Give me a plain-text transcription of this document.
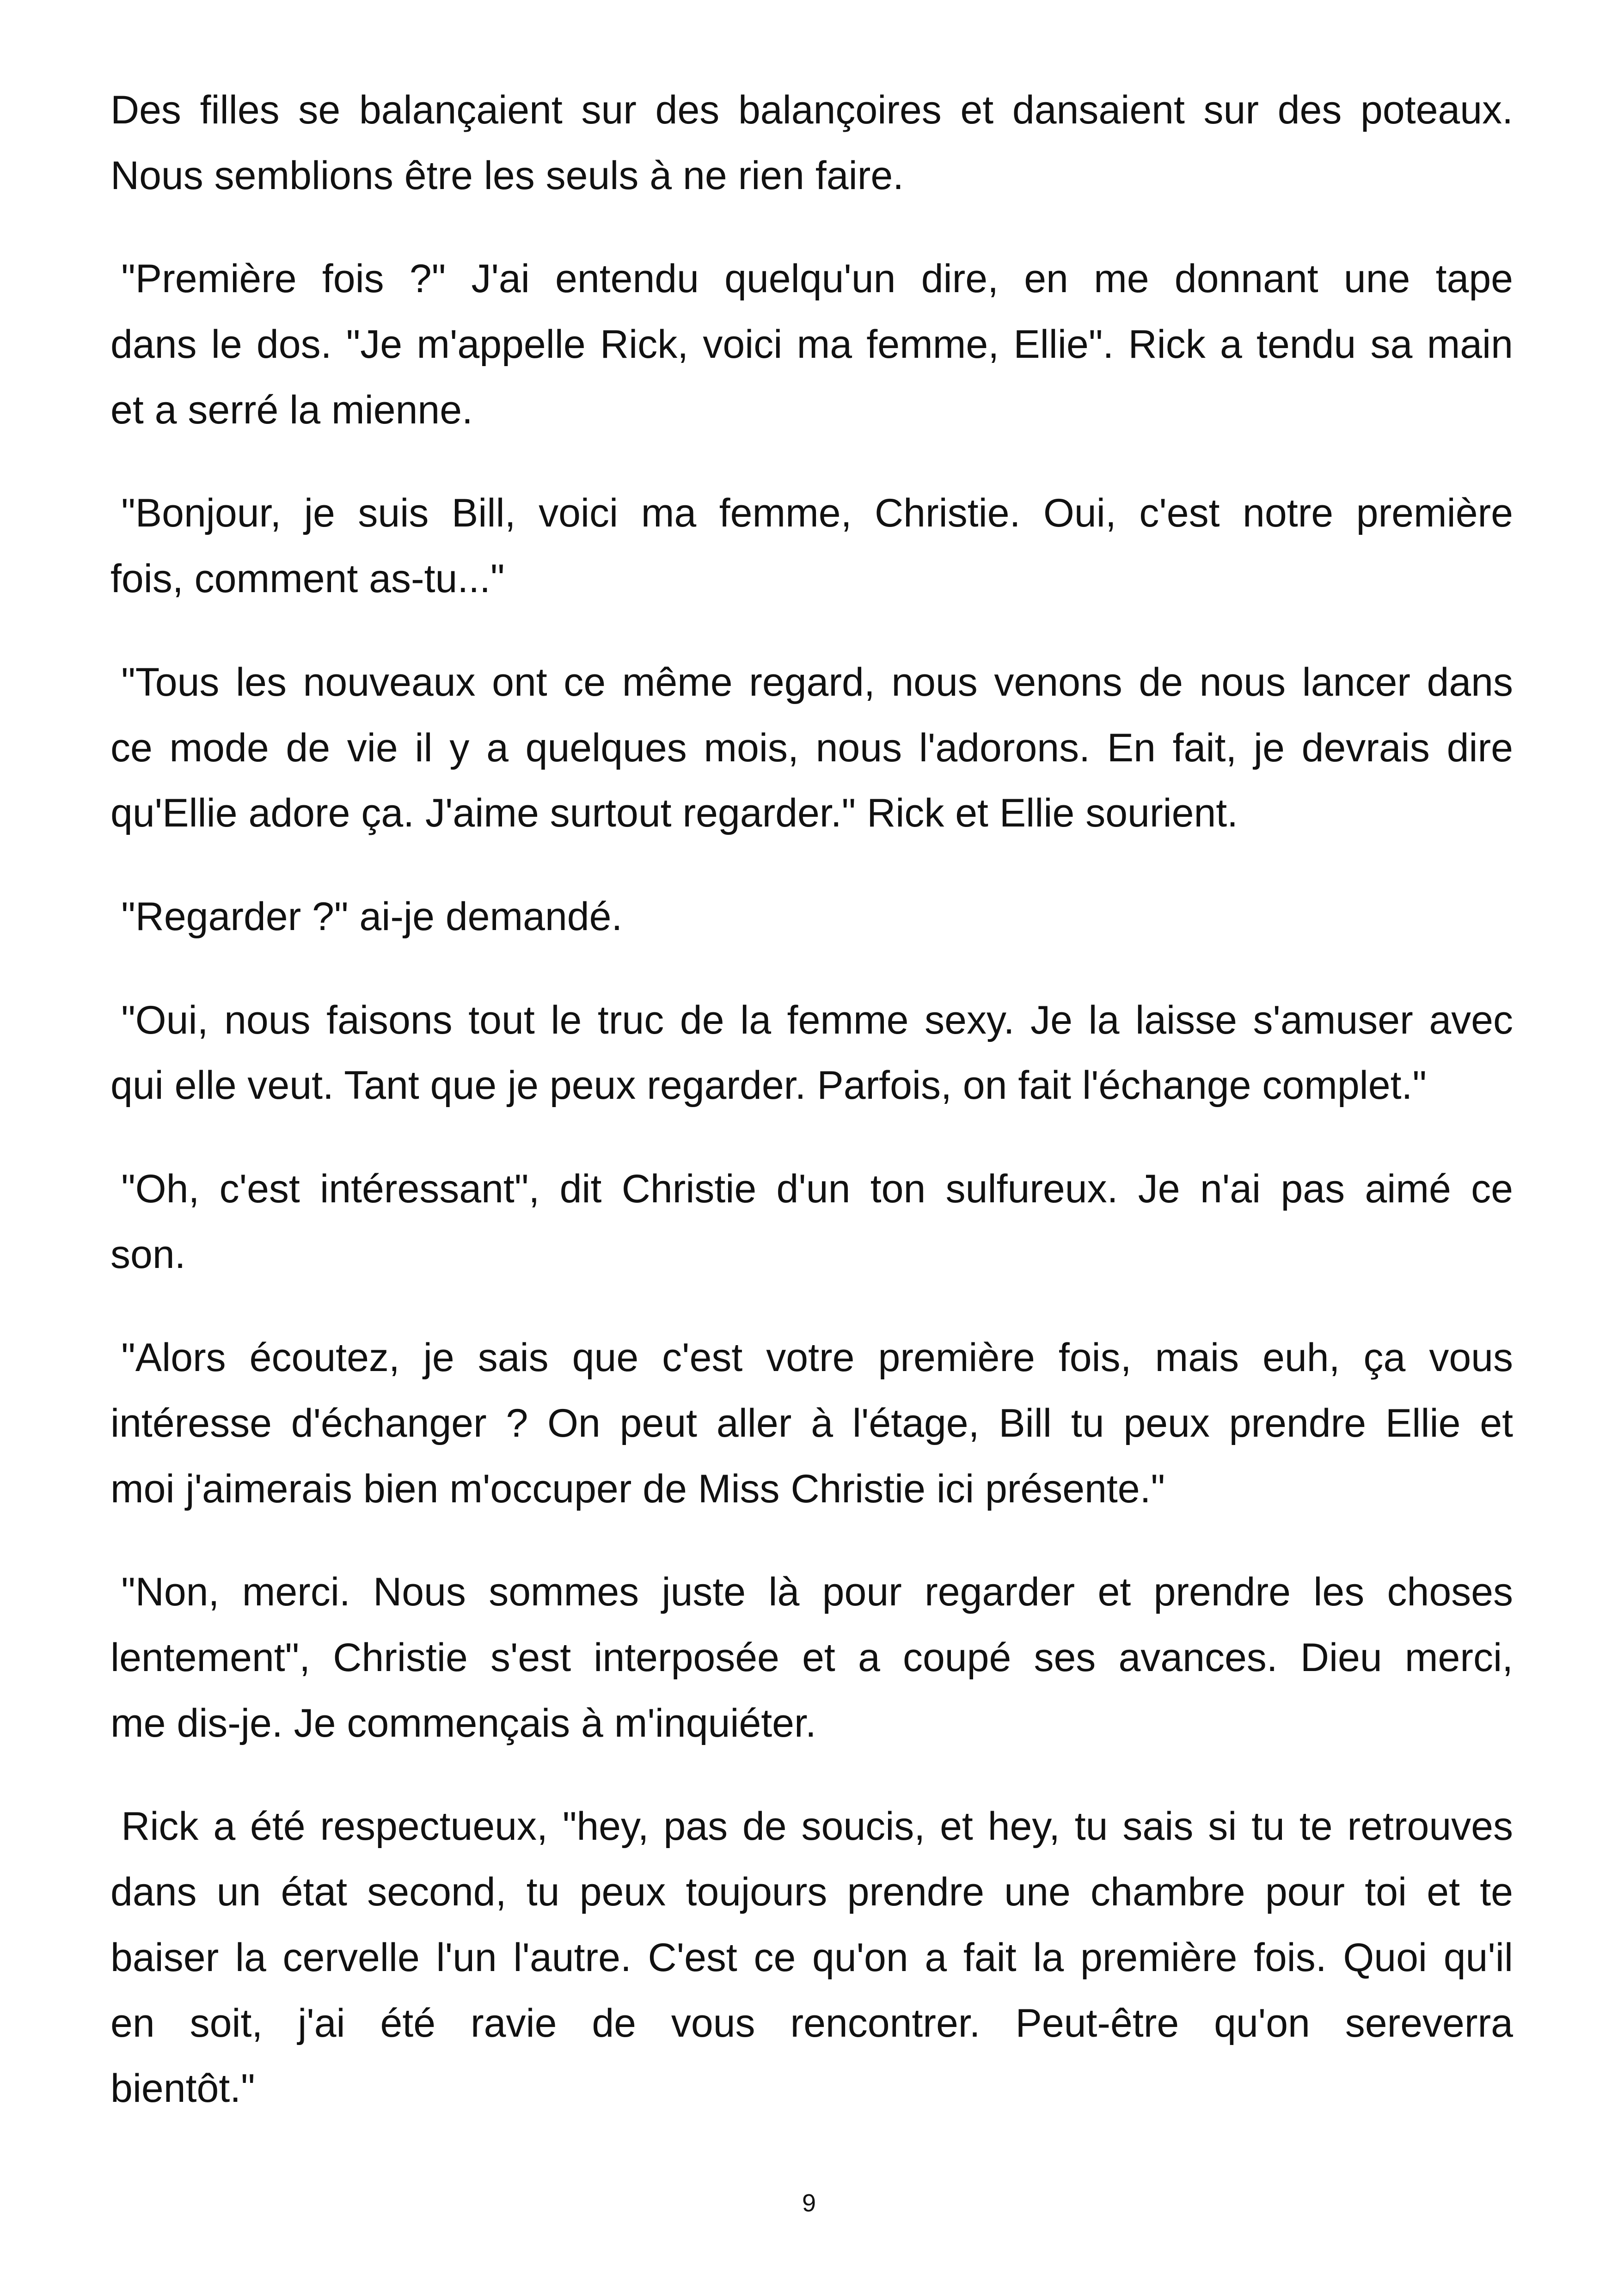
Des filles se balançaient sur des balançoires et dansaient sur des poteaux.
Nous semblions être les seuls à ne rien faire.
"Première fois ?" J'ai entendu quelqu'un dire, en me donnant une tape
dans le dos. "Je m'appelle Rick, voici ma femme, Ellie". Rick a tendu sa main
et a serré la mienne.
"Bonjour, je suis Bill, voici ma femme, Christie. Oui, c'est notre première
fois, comment as-tu..."
"Tous les nouveaux ont ce même regard, nous venons de nous lancer dans
ce mode de vie il y a quelques mois, nous l'adorons. En fait, je devrais dire
qu'Ellie adore ça. J'aime surtout regarder." Rick et Ellie sourient.
"Regarder ?" ai-je demandé.
"Oui, nous faisons tout le truc de la femme sexy. Je la laisse s'amuser avec
qui elle veut. Tant que je peux regarder. Parfois, on fait l'échange complet."
"Oh, c'est intéressant", dit Christie d'un ton sulfureux. Je n'ai pas aimé ce
son.
"Alors écoutez, je sais que c'est votre première fois, mais euh, ça vous
intéresse d'échanger ? On peut aller à l'étage, Bill tu peux prendre Ellie et
moi j'aimerais bien m'occuper de Miss Christie ici présente."
"Non, merci. Nous sommes juste là pour regarder et prendre les choses
lentement", Christie s'est interposée et a coupé ses avances. Dieu merci,
me dis-je. Je commençais à m'inquiéter.
Rick a été respectueux, "hey, pas de soucis, et hey, tu sais si tu te retrouves
dans un état second, tu peux toujours prendre une chambre pour toi et te
baiser la cervelle l'un l'autre. C'est ce qu'on a fait la première fois. Quoi qu'il
en soit, j'ai été ravie de vous rencontrer. Peut-être qu'on sereverra
bientôt."
9
